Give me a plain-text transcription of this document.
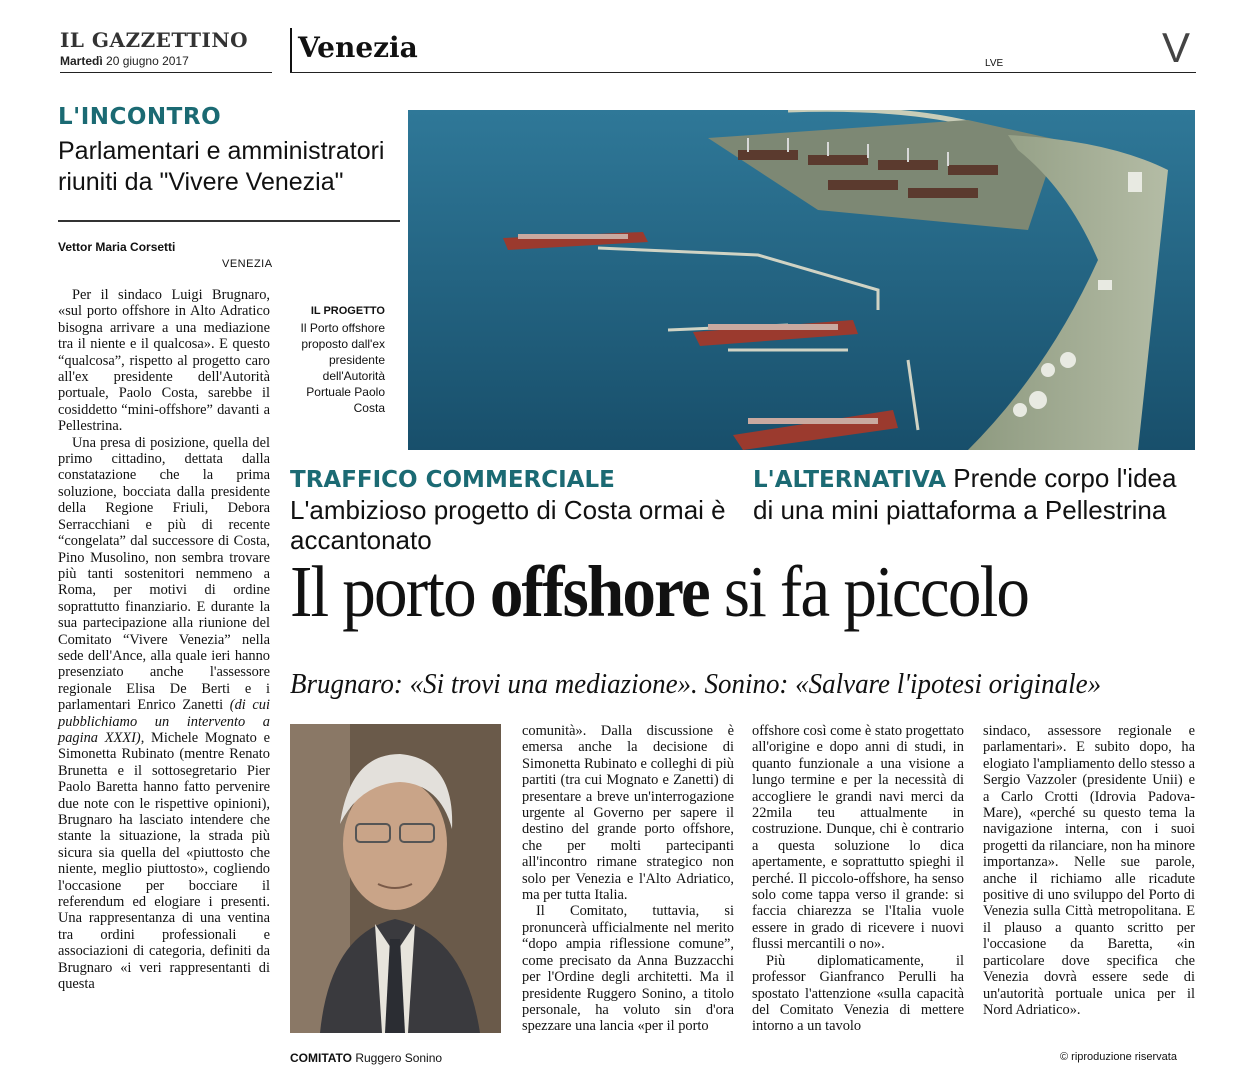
IL GAZZETTINO
Martedì 20 giugno 2017	Venezia	LVE	V
L'INCONTRO
Parlamentari e amministratori riuniti da "Vivere Venezia"
Vettor Maria Corsetti
VENEZIA
IL PROGETTO
Il Porto offshore proposto dall'ex presidente dell'Autorità Portuale Paolo Costa
TRAFFICO COMMERCIALE L'ambizioso progetto di Costa ormai è accantonato
L'ALTERNATIVA Prende corpo l'idea di una mini piattaforma a Pellestrina
Il porto offshore si fa piccolo
Brugnaro: «Si trovi una mediazione». Sonino: «Salvare l'ipotesi originale»

Per il sindaco Luigi Brugnaro, «sul porto offshore in Alto Adratico bisogna arrivare a una mediazione tra il niente e il qualcosa». E questo “qualcosa”, rispetto al progetto caro all'ex presidente dell'Autorità portuale, Paolo Costa, sarebbe il cosiddetto “mini-offshore” davanti a Pellestrina.

Una presa di posizione, quella del primo cittadino, dettata dalla constatazione che la prima soluzione, bocciata dalla presidente della Regione Friuli, Debora Serracchiani e più di recente “congelata” dal successore di Costa, Pino Musolino, non sembra trovare più tanti sostenitori nemmeno a Roma, per motivi di ordine soprattutto finanziario. E durante la sua partecipazione alla riunione del Comitato “Vivere Venezia” nella sede dell'Ance, alla quale ieri hanno presenziato anche l'assessore regionale Elisa De Berti e i parlamentari Enrico Zanetti (di cui pubblichiamo un intervento a pagina XXXI), Michele Mognato e Simonetta Rubinato (mentre Renato Brunetta e il sottosegretario Pier Paolo Baretta hanno fatto pervenire due note con le rispettive opinioni), Brugnaro ha lasciato intendere che stante la situazione, la strada più sicura sia quella del «piuttosto che niente, meglio piuttosto», cogliendo l'occasione per bocciare il referendum ed elogiare i presenti. Una rappresentanza di una ventina tra ordini professionali e associazioni di categoria, definiti da Brugnaro «i veri rappresentanti di questa

COMITATO Ruggero Sonino

comunità». Dalla discussione è emersa anche la decisione di Simonetta Rubinato e colleghi di più partiti (tra cui Mognato e Zanetti) di presentare a breve un'interrogazione urgente al Governo per sapere il destino del grande porto offshore, che per molti partecipanti all'incontro rimane strategico non solo per Venezia e l'Alto Adriatico, ma per tutta Italia.

Il Comitato, tuttavia, si pronuncerà ufficialmente nel merito “dopo ampia riflessione comune”, come precisato da Anna Buzzacchi per l'Ordine degli architetti. Ma il presidente Ruggero Sonino, a titolo personale, ha voluto sin d'ora spezzare una lancia «per il porto

offshore così come è stato progettato all'origine e dopo anni di studi, in quanto funzionale a una visione a lungo termine e per la necessità di accogliere le grandi navi merci da 22mila teu attualmente in costruzione. Dunque, chi è contrario a questa soluzione lo dica apertamente, e soprattutto spieghi il perché. Il piccolo-offshore, ha senso solo come tappa verso il grande: si faccia chiarezza se l'Italia vuole essere in grado di ricevere i nuovi flussi mercantili o no».

Più diplomaticamente, il professor Gianfranco Perulli ha spostato l'attenzione «sulla capacità del Comitato Venezia di mettere intorno a un tavolo

sindaco, assessore regionale e parlamentari». E subito dopo, ha elogiato l'ampliamento dello stesso a Sergio Vazzoler (presidente Unii) e a Carlo Crotti (Idrovia Padova-Mare), «perché su questo tema la navigazione interna, con i suoi progetti da rilanciare, non ha minore importanza». Nelle sue parole, anche il richiamo alle ricadute positive di uno sviluppo del Porto di Venezia sulla Città metropolitana. E il plauso a quanto scritto per l'occasione da Baretta, «in particolare dove specifica che Venezia dovrà essere sede di un'autorità portuale unica per il Nord Adriatico».

© riproduzione riservata
